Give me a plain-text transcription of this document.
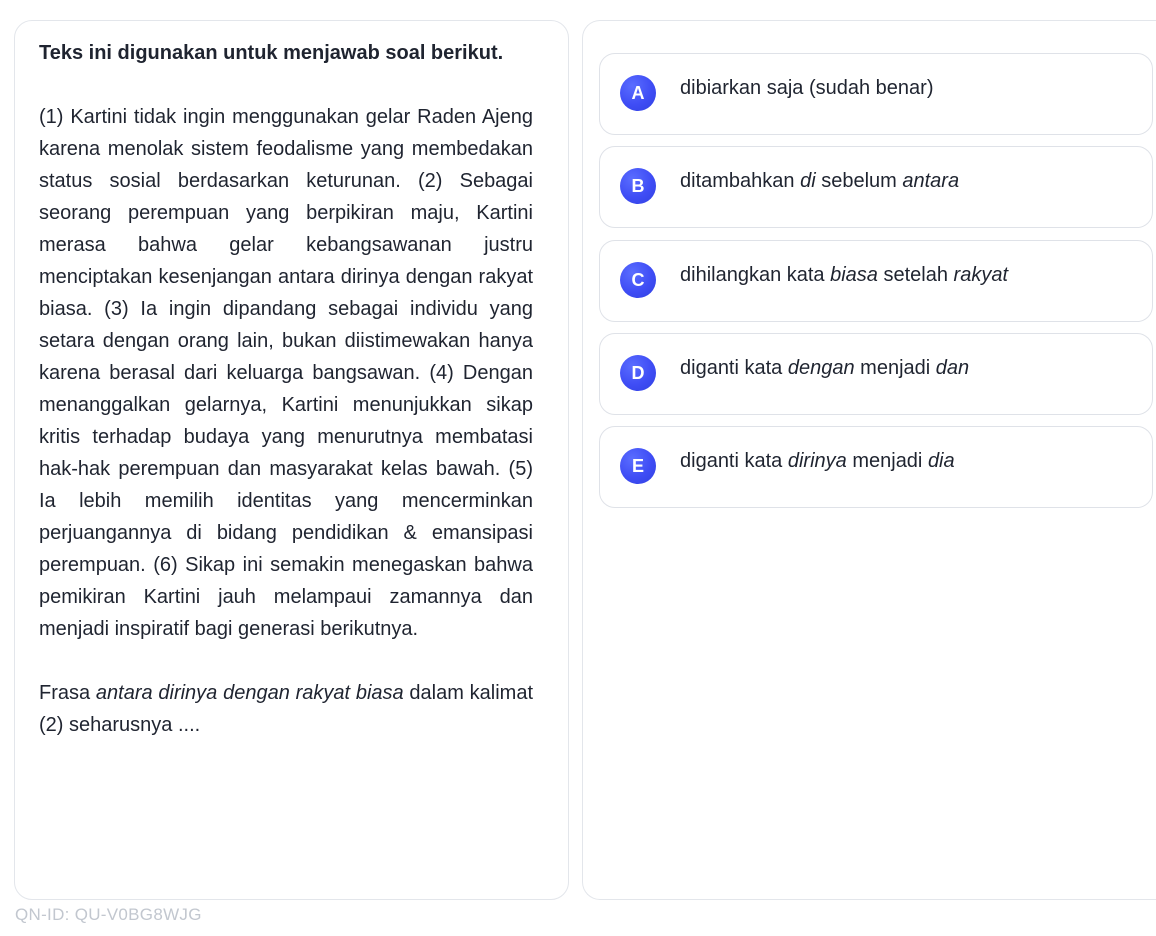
Teks ini digunakan untuk menjawab soal berikut.

(1) Kartini tidak ingin menggunakan gelar Raden Ajeng karena menolak sistem feodalisme yang membedakan status sosial berdasarkan keturunan. (2) Sebagai seorang perempuan yang berpikiran maju, Kartini merasa bahwa gelar kebangsawanan justru menciptakan kesenjangan antara dirinya dengan rakyat biasa. (3) Ia ingin dipandang sebagai individu yang setara dengan orang lain, bukan diistimewakan hanya karena berasal dari keluarga bangsawan. (4) Dengan menanggalkan gelarnya, Kartini menunjukkan sikap kritis terhadap budaya yang menurutnya membatasi hak-hak perempuan dan masyarakat kelas bawah. (5) Ia lebih memilih identitas yang mencerminkan perjuangannya di bidang pendidikan & emansipasi perempuan. (6) Sikap ini semakin menegaskan bahwa pemikiran Kartini jauh melampaui zamannya dan menjadi inspiratif bagi generasi berikutnya.

Frasa antara dirinya dengan rakyat biasa dalam kalimat (2) seharusnya ....

A	dibiarkan saja (sudah benar)
B	ditambahkan di sebelum antara
C	dihilangkan kata biasa setelah rakyat
D	diganti kata dengan menjadi dan
E	diganti kata dirinya menjadi dia
QN-ID: QU-V0BG8WJG
